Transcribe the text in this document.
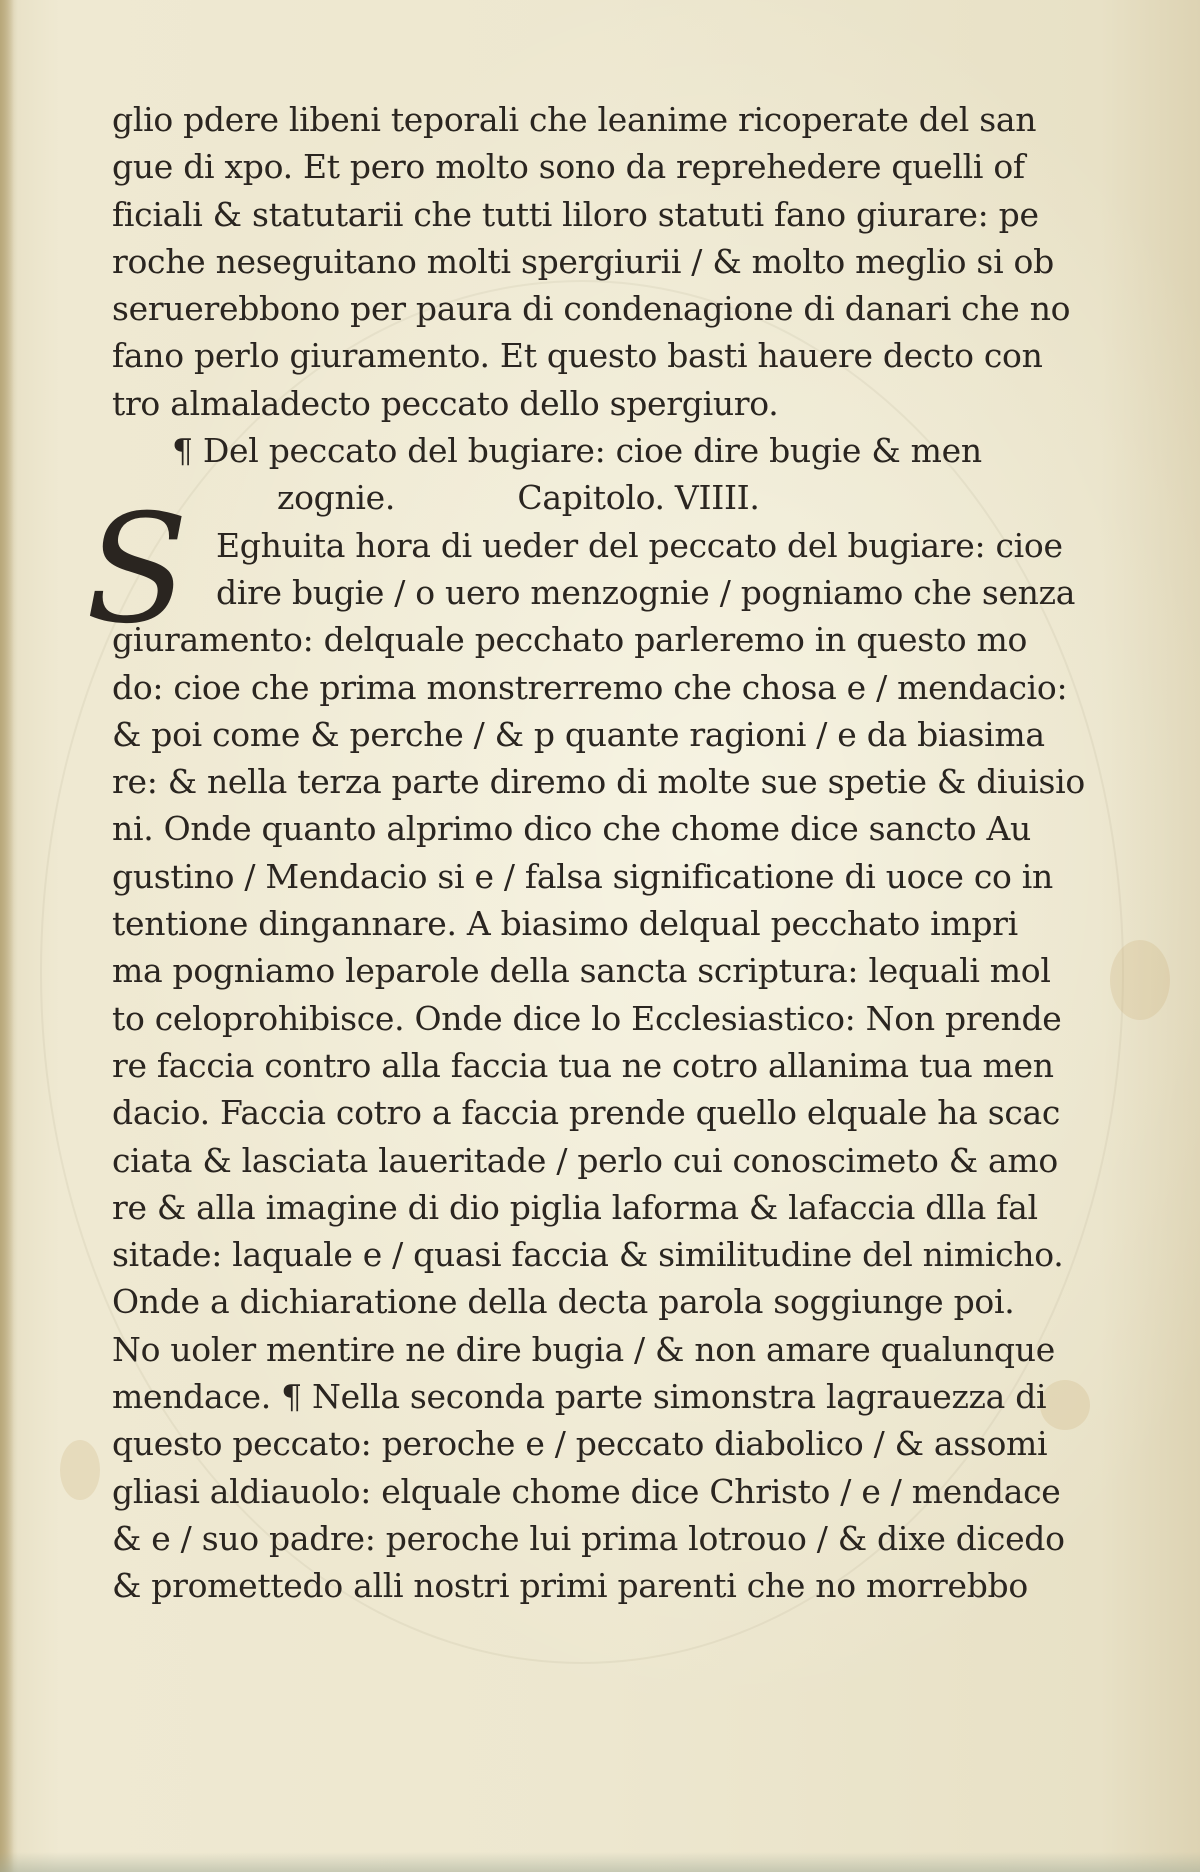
S
glio pdere libeni teporali che leanime ricoperate del san
gue di xpo. Et pero molto sono da reprehedere quelli of
ficiali & statutarii che tutti liloro statuti fano giurare: pe
roche neseguitano molti spergiurii / & molto meglio si ob
seruerebbono per paura di condenagione di danari che no
fano perlo giuramento. Et questo basti hauere decto con
tro almaladecto peccato dello spergiuro.
¶ Del peccato del bugiare: cioe dire bugie & men
zognie.            Capitolo. VIIII.
Eghuita hora di ueder del peccato del bugiare: cioe
dire bugie / o uero menzognie / pogniamo che senza
giuramento: delquale pecchato parleremo in questo mo
do: cioe che prima monstrerremo che chosa e / mendacio:
& poi come & perche / & p quante ragioni / e da biasima
re: & nella terza parte diremo di molte sue spetie & diuisio
ni. Onde quanto alprimo dico che chome dice sancto Au
gustino / Mendacio si e / falsa significatione di uoce co in
tentione dingannare. A biasimo delqual pecchato impri
ma pogniamo leparole della sancta scriptura: lequali mol
to celoprohibisce. Onde dice lo Ecclesiastico: Non prende
re faccia contro alla faccia tua ne cotro allanima tua men
dacio. Faccia cotro a faccia prende quello elquale ha scac
ciata & lasciata laueritade / perlo cui conoscimeto & amo
re & alla imagine di dio piglia laforma & lafaccia dlla fal
sitade: laquale e / quasi faccia & similitudine del nimicho.
Onde a dichiaratione della decta parola soggiunge poi.
No uoler mentire ne dire bugia / & non amare qualunque
mendace. ¶ Nella seconda parte simonstra lagrauezza di
questo peccato: peroche e / peccato diabolico / & assomi
gliasi aldiauolo: elquale chome dice Christo / e / mendace
& e / suo padre: peroche lui prima lotrouo / & dixe dicedo
& promettedo alli nostri primi parenti che no morrebbo
